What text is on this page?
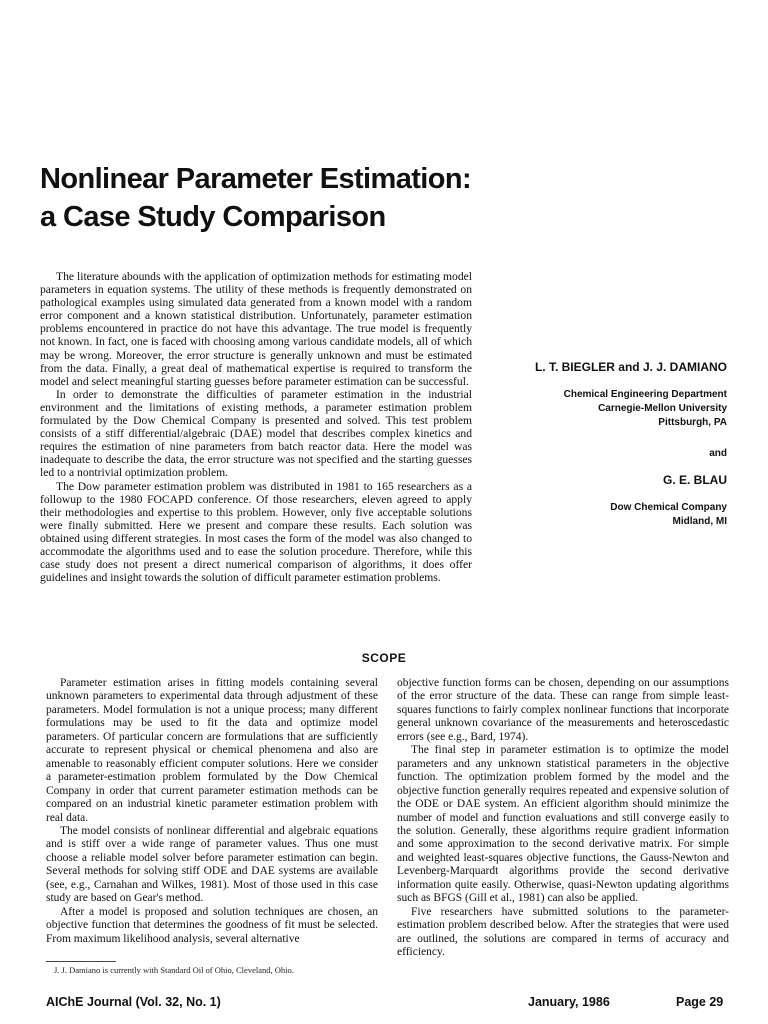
Nonlinear Parameter Estimation:
a Case Study Comparison

The literature abounds with the application of optimization methods for estimating model parameters in equation systems. The utility of these methods is frequently demonstrated on pathological examples using simulated data generated from a known model with a random error component and a known statistical distribution. Unfortunately, parameter estimation problems encountered in practice do not have this advantage. The true model is frequently not known. In fact, one is faced with choosing among various candidate models, all of which may be wrong. Moreover, the error structure is generally unknown and must be estimated from the data. Finally, a great deal of mathematical expertise is required to transform the model and select meaningful starting guesses before parameter estimation can be successful.

In order to demonstrate the difficulties of parameter estimation in the industrial environment and the limitations of existing methods, a parameter estimation problem formulated by the Dow Chemical Company is presented and solved. This test problem consists of a stiff differential/algebraic (DAE) model that describes complex kinetics and requires the estimation of nine parameters from batch reactor data. Here the model was inadequate to describe the data, the error structure was not specified and the starting guesses led to a nontrivial optimization problem.

The Dow parameter estimation problem was distributed in 1981 to 165 researchers as a followup to the 1980 FOCAPD conference. Of those researchers, eleven agreed to apply their methodologies and expertise to this problem. However, only five acceptable solutions were finally submitted. Here we present and compare these results. Each solution was obtained using different strategies. In most cases the form of the model was also changed to accommodate the algorithms used and to ease the solution procedure. Therefore, while this case study does not present a direct numerical comparison of algorithms, it does offer guidelines and insight towards the solution of difficult parameter estimation problems.

L. T. BIEGLER and J. J. DAMIANO
Chemical Engineering Department
Carnegie-Mellon University
Pittsburgh, PA
and
G. E. BLAU
Dow Chemical Company
Midland, MI
SCOPE

Parameter estimation arises in fitting models containing several unknown parameters to experimental data through adjustment of these parameters. Model formulation is not a unique process; many different formulations may be used to fit the data and optimize model parameters. Of particular concern are formulations that are sufficiently accurate to represent physical or chemical phenomena and also are amenable to reasonably efficient computer solutions. Here we consider a parameter-estimation problem formulated by the Dow Chemical Company in order that current parameter estimation methods can be compared on an industrial kinetic parameter estimation problem with real data.

The model consists of nonlinear differential and algebraic equations and is stiff over a wide range of parameter values. Thus one must choose a reliable model solver before parameter estimation can begin. Several methods for solving stiff ODE and DAE systems are available (see, e.g., Carnahan and Wilkes, 1981). Most of those used in this case study are based on Gear's method.

After a model is proposed and solution techniques are chosen, an objective function that determines the goodness of fit must be selected. From maximum likelihood analysis, several alternative

objective function forms can be chosen, depending on our assumptions of the error structure of the data. These can range from simple least-squares functions to fairly complex nonlinear functions that incorporate general unknown covariance of the measurements and heteroscedastic errors (see e.g., Bard, 1974).

The final step in parameter estimation is to optimize the model parameters and any unknown statistical parameters in the objective function. The optimization problem formed by the model and the objective function generally requires repeated and expensive solution of the ODE or DAE system. An efficient algorithm should minimize the number of model and function evaluations and still converge easily to the solution. Generally, these algorithms require gradient information and some approximation to the second derivative matrix. For simple and weighted least-squares objective functions, the Gauss-Newton and Levenberg-Marquardt algorithms provide the second derivative information quite easily. Otherwise, quasi-Newton updating algorithms such as BFGS (Gill et al., 1981) can also be applied.

Five researchers have submitted solutions to the parameter-estimation problem described below. After the strategies that were used are outlined, the solutions are compared in terms of accuracy and efficiency.

J. J. Damiano is currently with Standard Oil of Ohio, Cleveland, Ohio.
AIChE Journal (Vol. 32, No. 1)	January, 1986	Page 29
